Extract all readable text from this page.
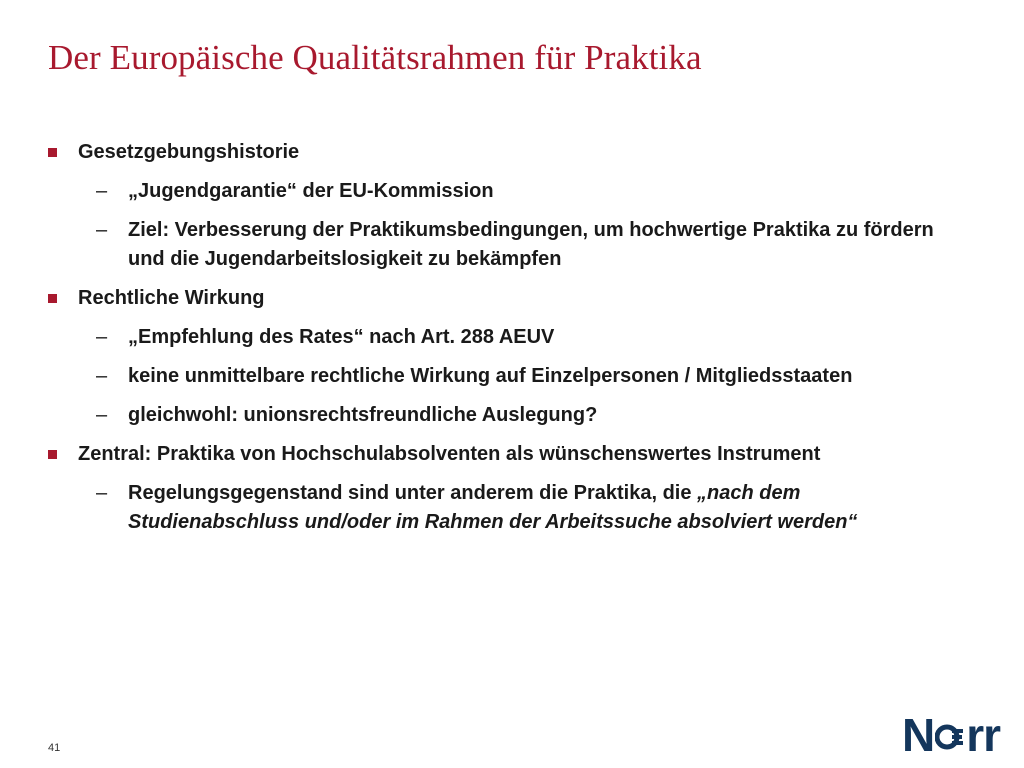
Der Europäische Qualitätsrahmen für Praktika
Gesetzgebungshistorie
– „Jugendgarantie“ der EU-Kommission
– Ziel: Verbesserung der Praktikumsbedingungen, um hochwertige Praktika zu fördern und die Jugendarbeitslosigkeit zu bekämpfen
Rechtliche Wirkung
– „Empfehlung des Rates“ nach Art. 288 AEUV
– keine unmittelbare rechtliche Wirkung auf Einzelpersonen / Mitgliedsstaaten
– gleichwohl: unionsrechtsfreundliche Auslegung?
Zentral: Praktika von Hochschulabsolventen als wünschenswertes Instrument
– Regelungsgegenstand sind unter anderem die Praktika, die „nach dem Studienabschluss und/oder im Rahmen der Arbeitssuche absolviert werden“
41	N rr
